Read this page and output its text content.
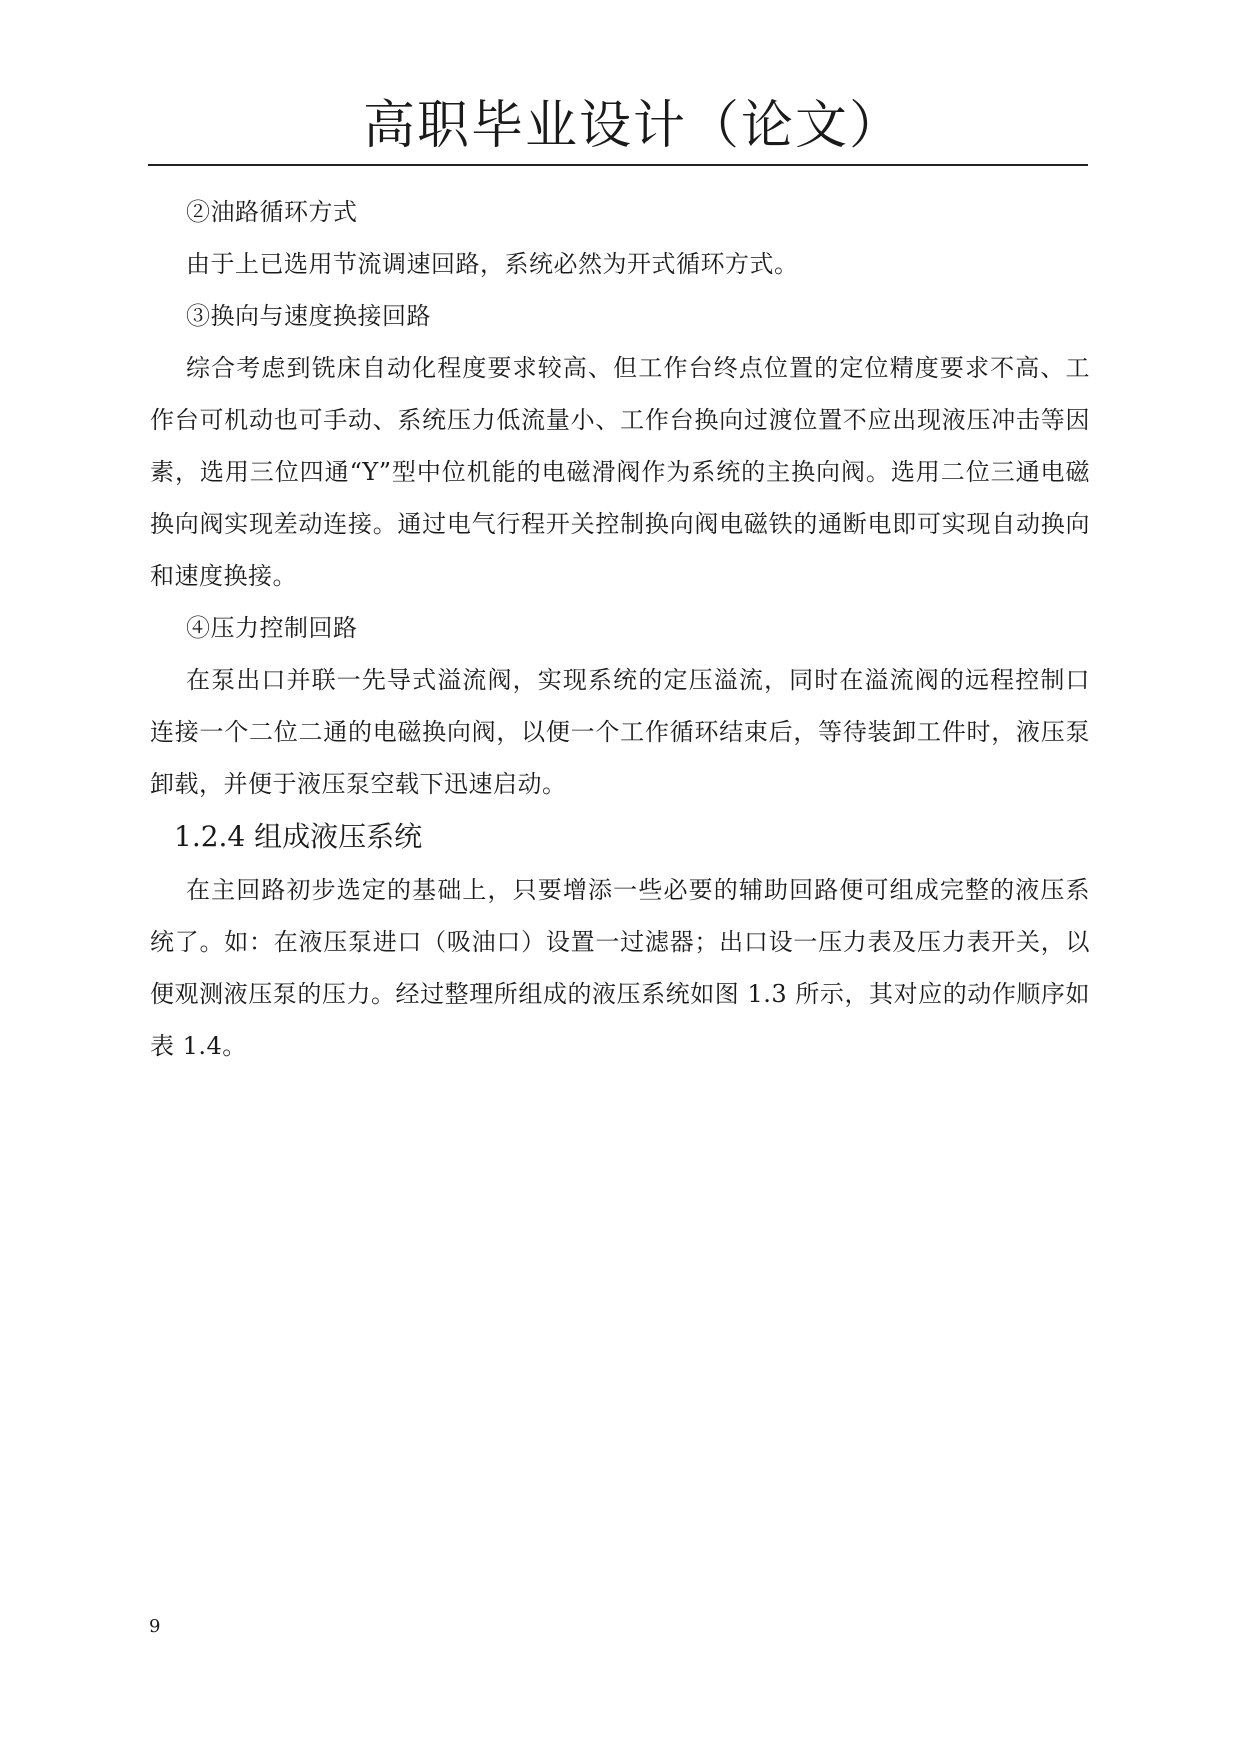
高职毕业设计（论文）

②油路循环方式

由于上已选用节流调速回路，系统必然为开式循环方式。

③换向与速度换接回路

综合考虑到铣床自动化程度要求较高、但工作台终点位置的定位精度要求不高、工作台可机动也可手动、系统压力低流量小、工作台换向过渡位置不应出现液压冲击等因素，选用三位四通“Y”型中位机能的电磁滑阀作为系统的主换向阀。选用二位三通电磁换向阀实现差动连接。通过电气行程开关控制换向阀电磁铁的通断电即可实现自动换向和速度换接。

④压力控制回路

在泵出口并联一先导式溢流阀，实现系统的定压溢流，同时在溢流阀的远程控制口连接一个二位二通的电磁换向阀，以便一个工作循环结束后，等待装卸工件时，液压泵卸载，并便于液压泵空载下迅速启动。

1.2.4 组成液压系统

在主回路初步选定的基础上，只要增添一些必要的辅助回路便可组成完整的液压系统了。如：在液压泵进口（吸油口）设置一过滤器；出口设一压力表及压力表开关，以便观测液压泵的压力。经过整理所组成的液压系统如图 1.3 所示，其对应的动作顺序如表 1.4。

9
